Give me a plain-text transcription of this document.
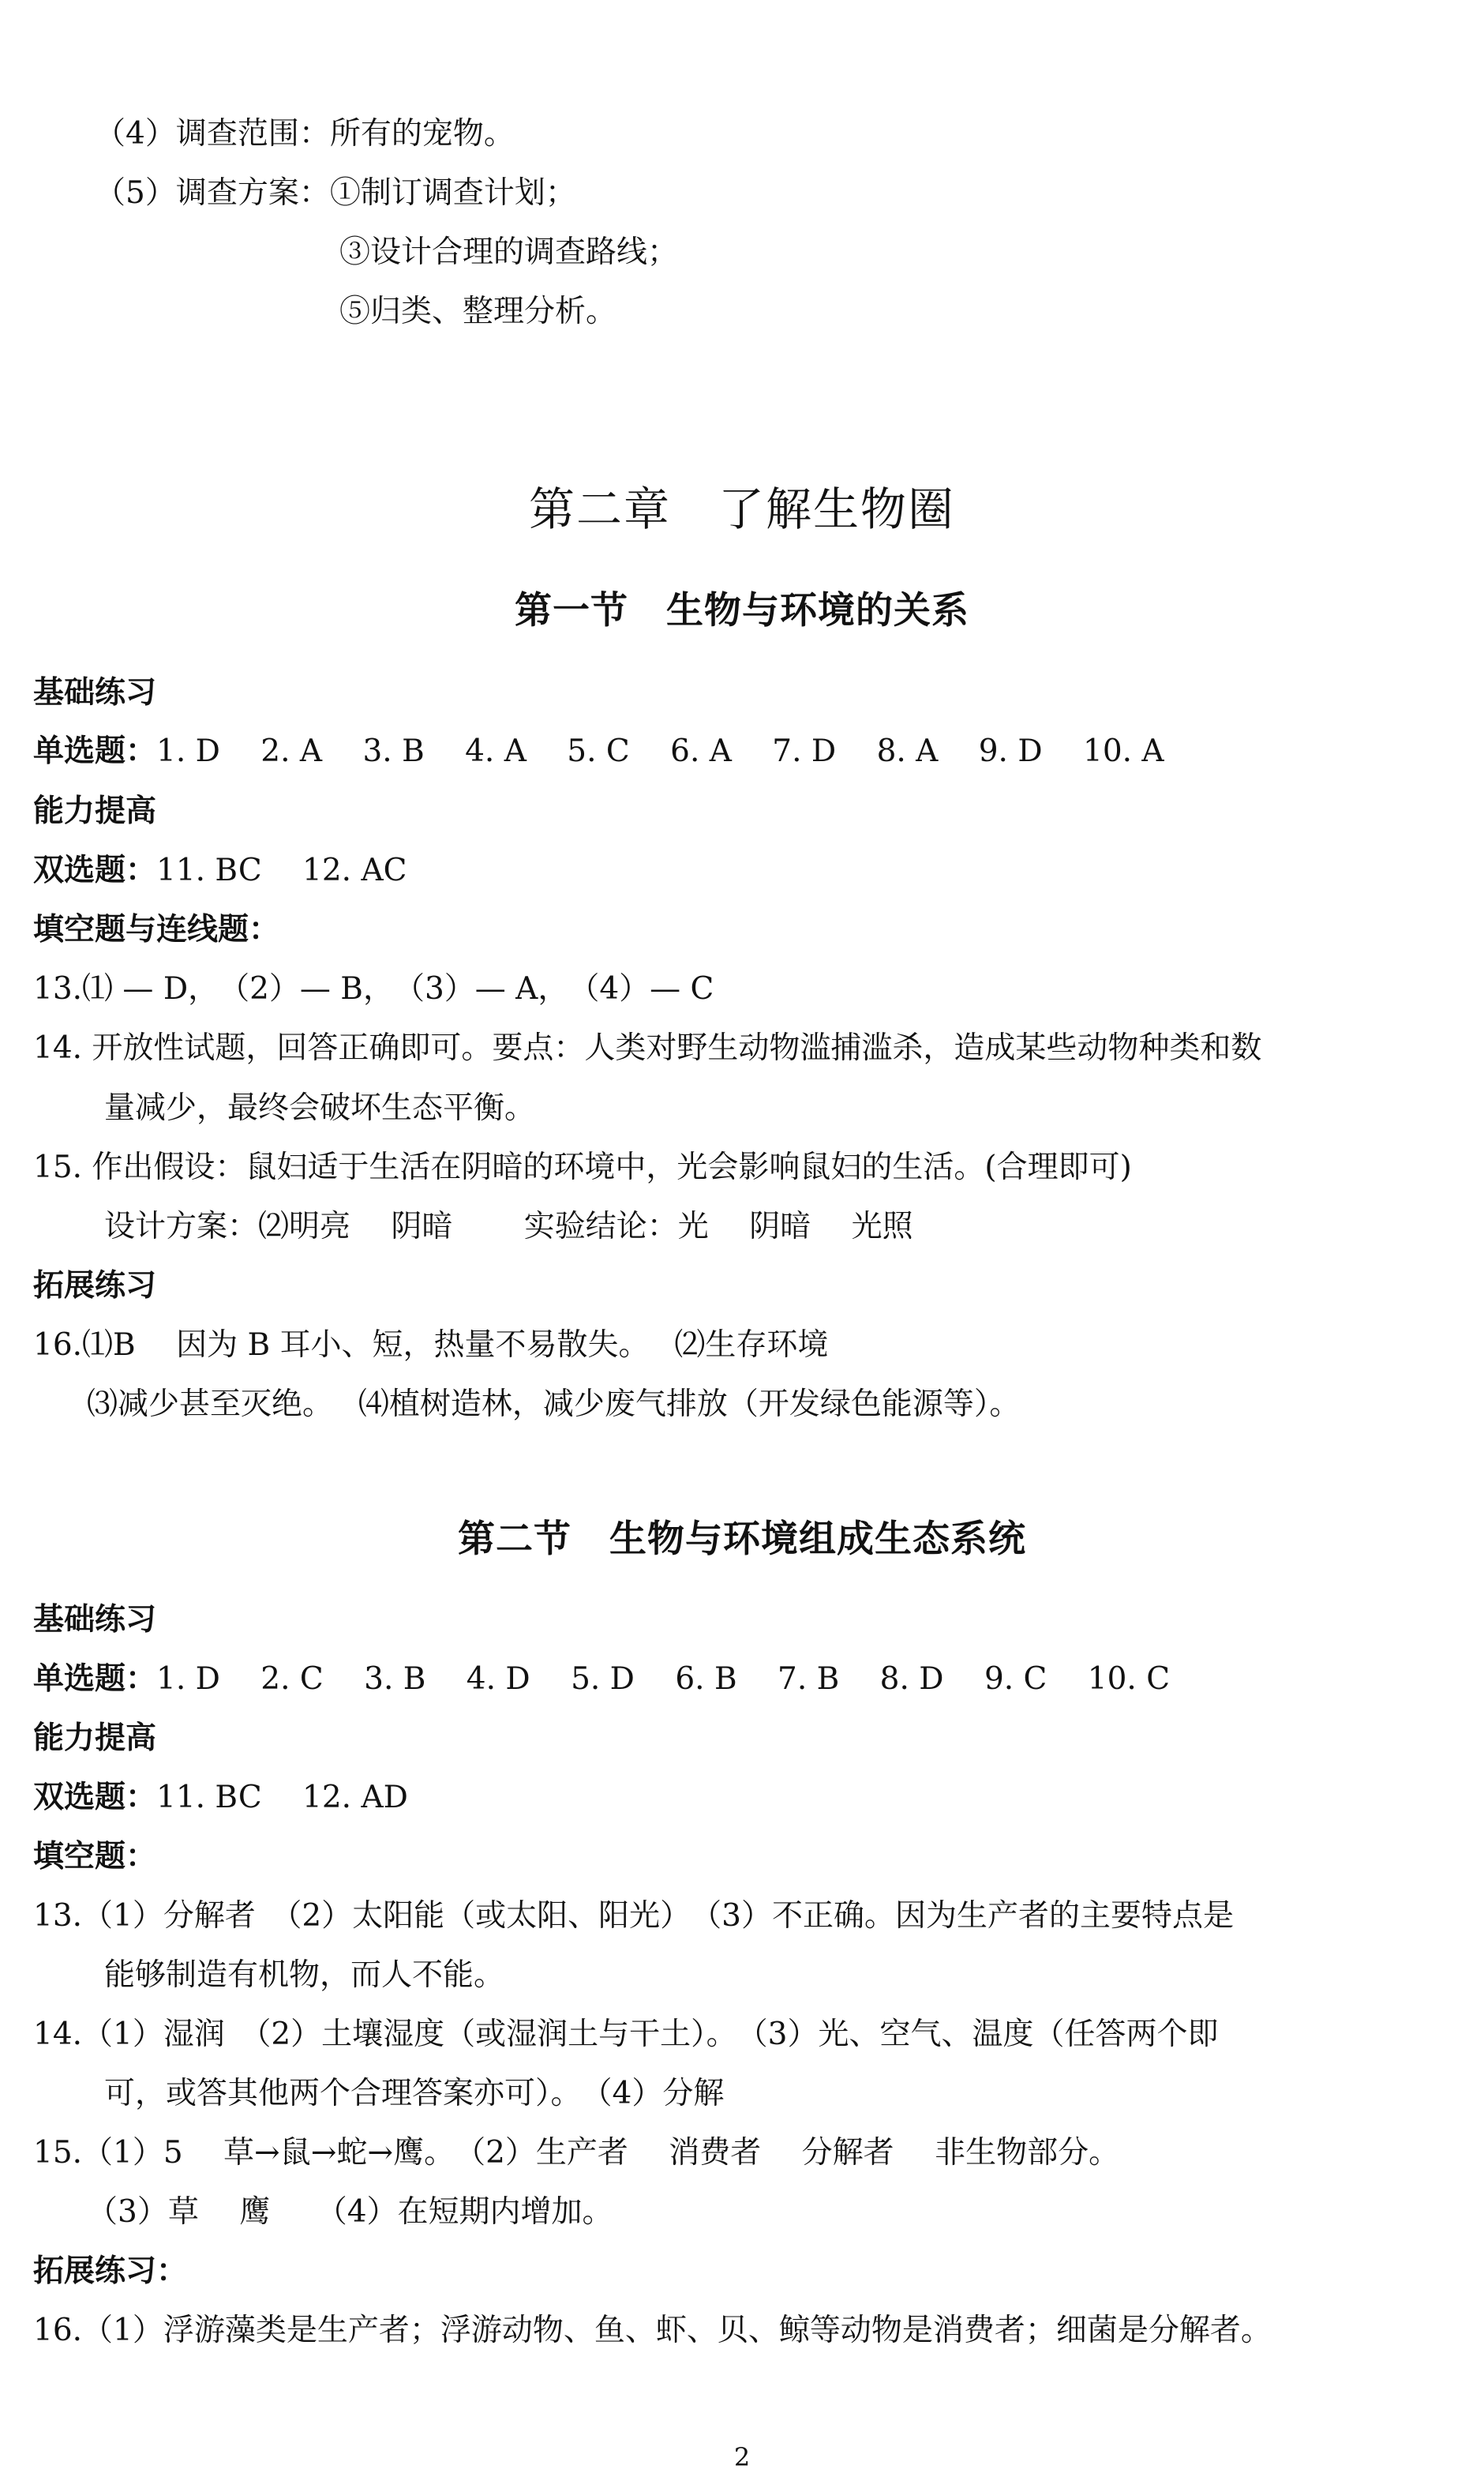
（4）调查范围：所有的宠物。
（5）调查方案：①制订调查计划；
③设计合理的调查路线；
⑤归类、整理分析。
第二章　了解生物圈
第一节　生物与环境的关系
基础练习
单选题：1. D　 2. A　 3. B　 4. A　 5. C　 6. A　 7. D　 8. A　 9. D　 10. A
能力提高
双选题：11. BC　 12. AC
填空题与连线题：
13.⑴ — D，　（2）— B，　（3）— A，　（4）— C
14. 开放性试题，回答正确即可。要点：人类对野生动物滥捕滥杀，造成某些动物种类和数
量减少，最终会破坏生态平衡。
15. 作出假设：鼠妇适于生活在阴暗的环境中，光会影响鼠妇的生活。(合理即可)
设计方案：⑵明亮　 阴暗　　 实验结论：光　 阴暗　 光照
拓展练习
16.⑴B　 因为 B 耳小、短，热量不易散失。　 ⑵生存环境
⑶减少甚至灭绝。　 ⑷植树造林，减少废气排放（开发绿色能源等）。
第二节　生物与环境组成生态系统
基础练习
单选题：1. D　 2. C　 3. B　 4. D　 5. D　 6. B　 7. B　 8. D　 9. C　 10. C
能力提高
双选题：11. BC　 12. AD
填空题：
13.（1）分解者　（2）太阳能（或太阳、阳光）　（3）不正确。因为生产者的主要特点是
能够制造有机物，而人不能。
14.（1）湿润　（2）土壤湿度（或湿润土与干土）。　（3）光、空气、温度（任答两个即
可，或答其他两个合理答案亦可）。　（4）分解
15.（1）5　 草→鼠→蛇→鹰。　（2）生产者　 消费者　 分解者　 非生物部分。
（3）草　 鹰　　（4）在短期内增加。
拓展练习：
16.（1）浮游藻类是生产者；浮游动物、鱼、虾、贝、鲸等动物是消费者；细菌是分解者。
2
